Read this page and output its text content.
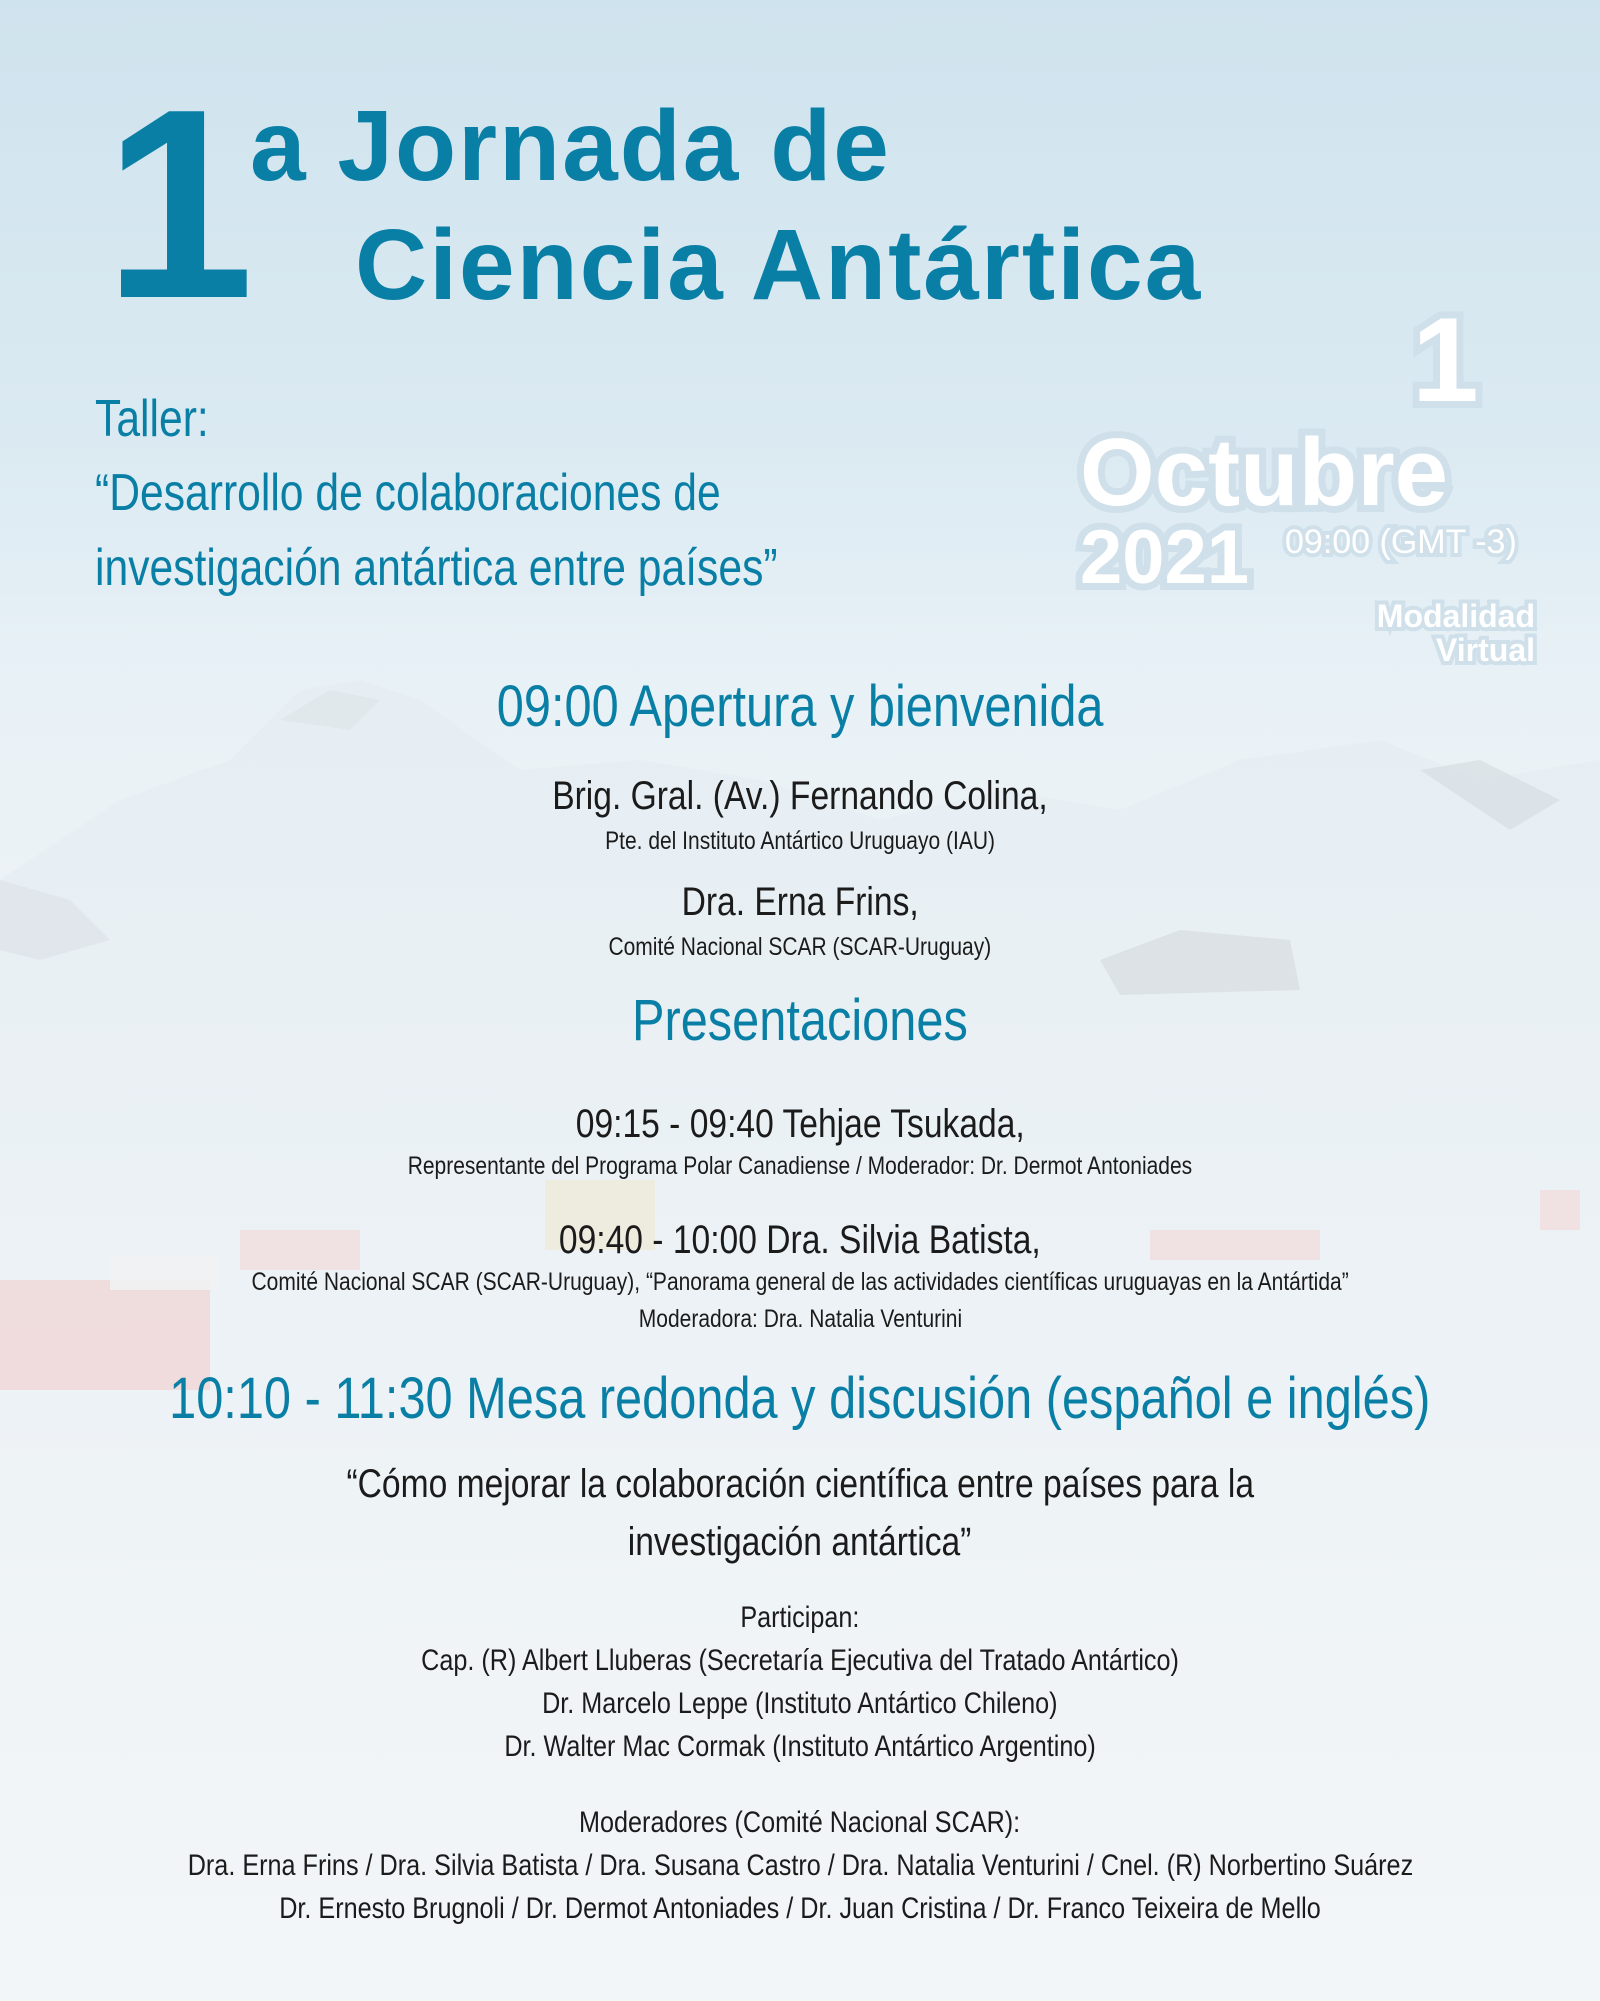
1 a Jornada de
Ciencia Antártica
Taller:
“Desarrollo de colaboraciones de
investigación antártica entre países”
1
Octubre
2021 09:00 (GMT -3)
Modalidad
Virtual
09:00 Apertura y bienvenida
Brig. Gral. (Av.) Fernando Colina,
Pte. del Instituto Antártico Uruguayo (IAU)
Dra. Erna Frins,
Comité Nacional SCAR (SCAR-Uruguay)
Presentaciones
09:15 - 09:40 Tehjae Tsukada,
Representante del Programa Polar Canadiense / Moderador: Dr. Dermot Antoniades
09:40 - 10:00 Dra. Silvia Batista,
Comité Nacional SCAR (SCAR-Uruguay), “Panorama general de las actividades científicas uruguayas en la Antártida”
Moderadora: Dra. Natalia Venturini
10:10 - 11:30 Mesa redonda y discusión (español e inglés)
“Cómo mejorar la colaboración científica entre países para la
investigación antártica”
Participan:
Cap. (R) Albert Lluberas (Secretaría Ejecutiva del Tratado Antártico)
Dr. Marcelo Leppe (Instituto Antártico Chileno)
Dr. Walter Mac Cormak (Instituto Antártico Argentino)
Moderadores (Comité Nacional SCAR):
Dra. Erna Frins / Dra. Silvia Batista / Dra. Susana Castro / Dra. Natalia Venturini / Cnel. (R) Norbertino Suárez
Dr. Ernesto Brugnoli / Dr. Dermot Antoniades / Dr. Juan Cristina / Dr. Franco Teixeira de Mello
